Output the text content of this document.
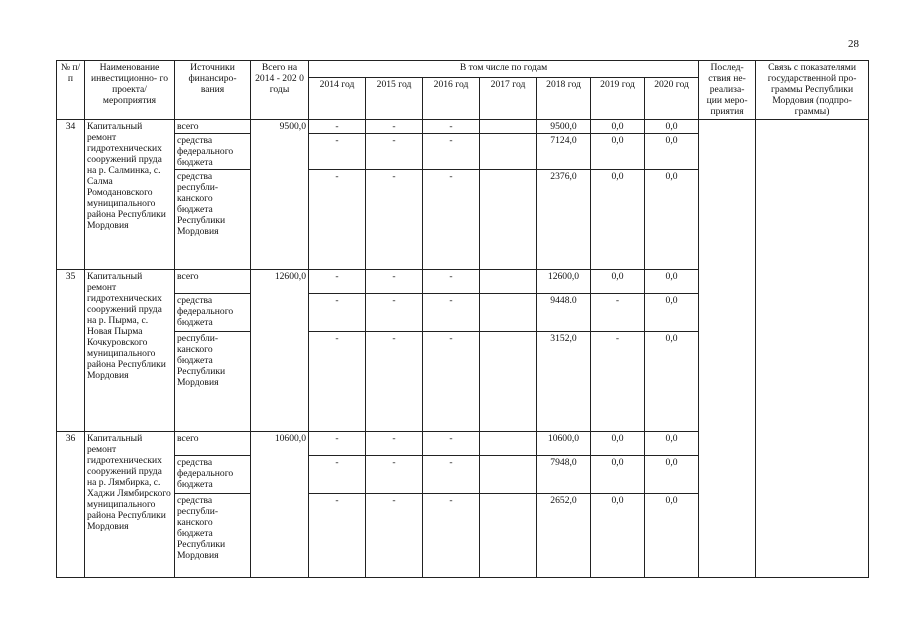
28
№ п/п	Наименование инвестиционно- го проекта/ мероприятия	Источники финансиро- вания	Всего на 2014 - 202 0 годы	В том числе по годам							Послед- ствия не- реализа- ции меро- приятия	Связь с показателями государственной про- граммы Республики Мордовия (подпро- граммы)
				2014 год	2015 год	2016 год	2017 год	2018 год	2019 год	2020 год		
34	Капитальный ремонт гидротехнических сооружений пруда на р. Салминка, с. Салма Ромодановского муниципального района Республики Мордовия	всего	9500,0	-	-	-		9500,0	0,0	0,0		
		средства федерального бюджета		-	-	-		7124,0	0,0	0,0		
		средства республи- канского бюджета Республики Мордовия		-	-	-		2376,0	0,0	0,0		
35	Капитальный ремонт гидротехнических сооружений пруда на р. Пырма, с. Новая Пырма Кочкуровского муниципального района Республики Мордовия	всего	12600,0	-	-	-		12600,0	0,0	0,0		
		средства федерального бюджета		-	-	-		9448.0	-	0,0		
		республи- канского бюджета Республики Мордовия		-	-	-		3152,0	-	0,0		
36	Капитальный ремонт гидротехнических сооружений пруда на р. Лямбирка, с. Хаджи Лямбирского муниципального района Республики Мордовия	всего	10600,0	-	-	-		10600,0	0,0	0,0		
		средства федерального бюджета		-	-	-		7948,0	0,0	0,0		
		средства республи- канского бюджета Республики Мордовия		-	-	-		2652,0	0,0	0,0		
